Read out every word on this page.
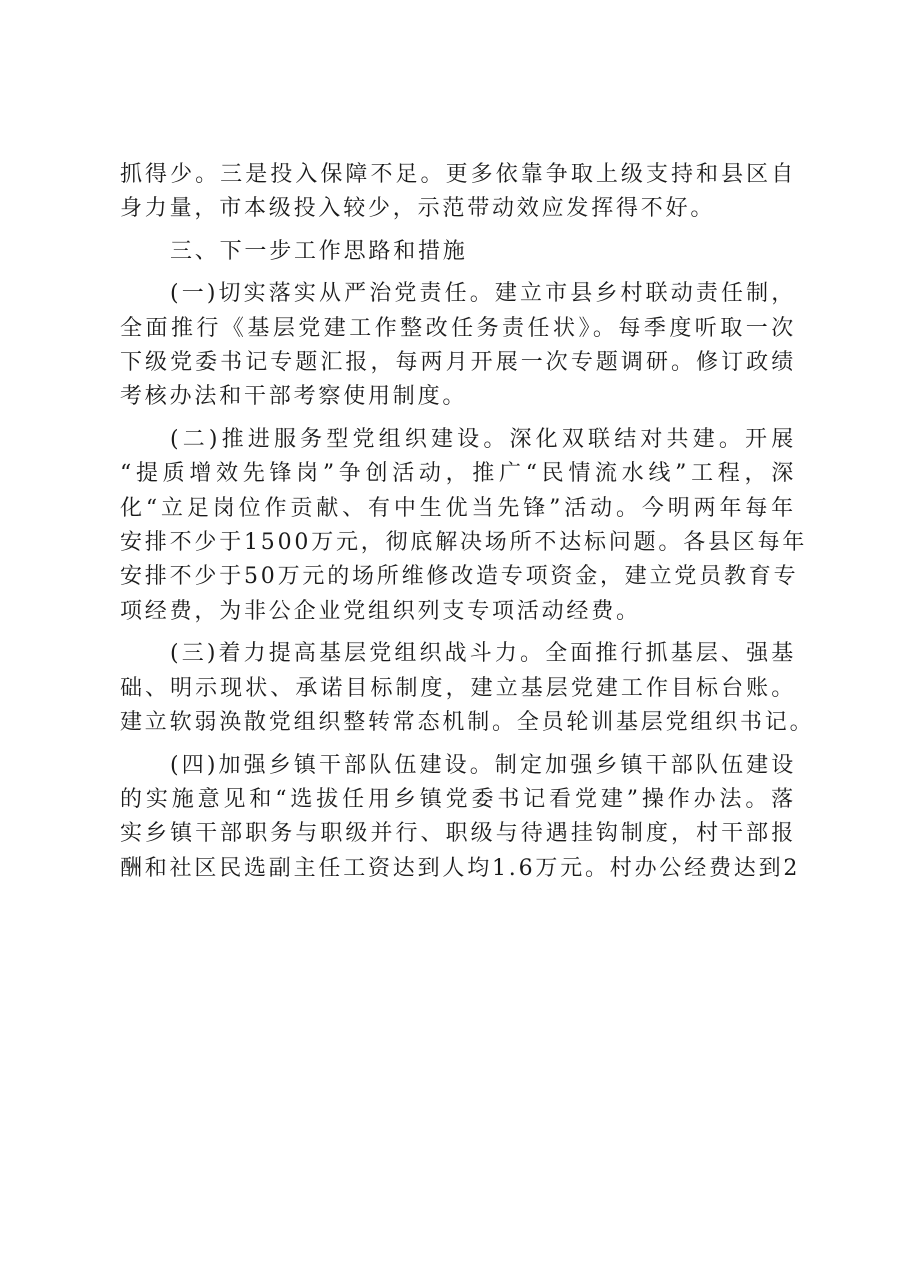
抓得少。三是投入保障不足。更多依靠争取上级支持和县区自
身力量，市本级投入较少，示范带动效应发挥得不好。
三、下一步工作思路和措施
(一)切实落实从严治党责任。建立市县乡村联动责任制，
全面推行《基层党建工作整改任务责任状》。每季度听取一次
下级党委书记专题汇报，每两月开展一次专题调研。修订政绩
考核办法和干部考察使用制度。
(二)推进服务型党组织建设。深化双联结对共建。开展
“提质增效先锋岗”争创活动，推广“民情流水线”工程，深
化“立足岗位作贡献、有中生优当先锋”活动。今明两年每年
安排不少于1500万元，彻底解决场所不达标问题。各县区每年
安排不少于50万元的场所维修改造专项资金，建立党员教育专
项经费，为非公企业党组织列支专项活动经费。
(三)着力提高基层党组织战斗力。全面推行抓基层、强基
础、明示现状、承诺目标制度，建立基层党建工作目标台账。
建立软弱涣散党组织整转常态机制。全员轮训基层党组织书记。
(四)加强乡镇干部队伍建设。制定加强乡镇干部队伍建设
的实施意见和“选拔任用乡镇党委书记看党建”操作办法。落
实乡镇干部职务与职级并行、职级与待遇挂钩制度，村干部报
酬和社区民选副主任工资达到人均1.6万元。村办公经费达到2
